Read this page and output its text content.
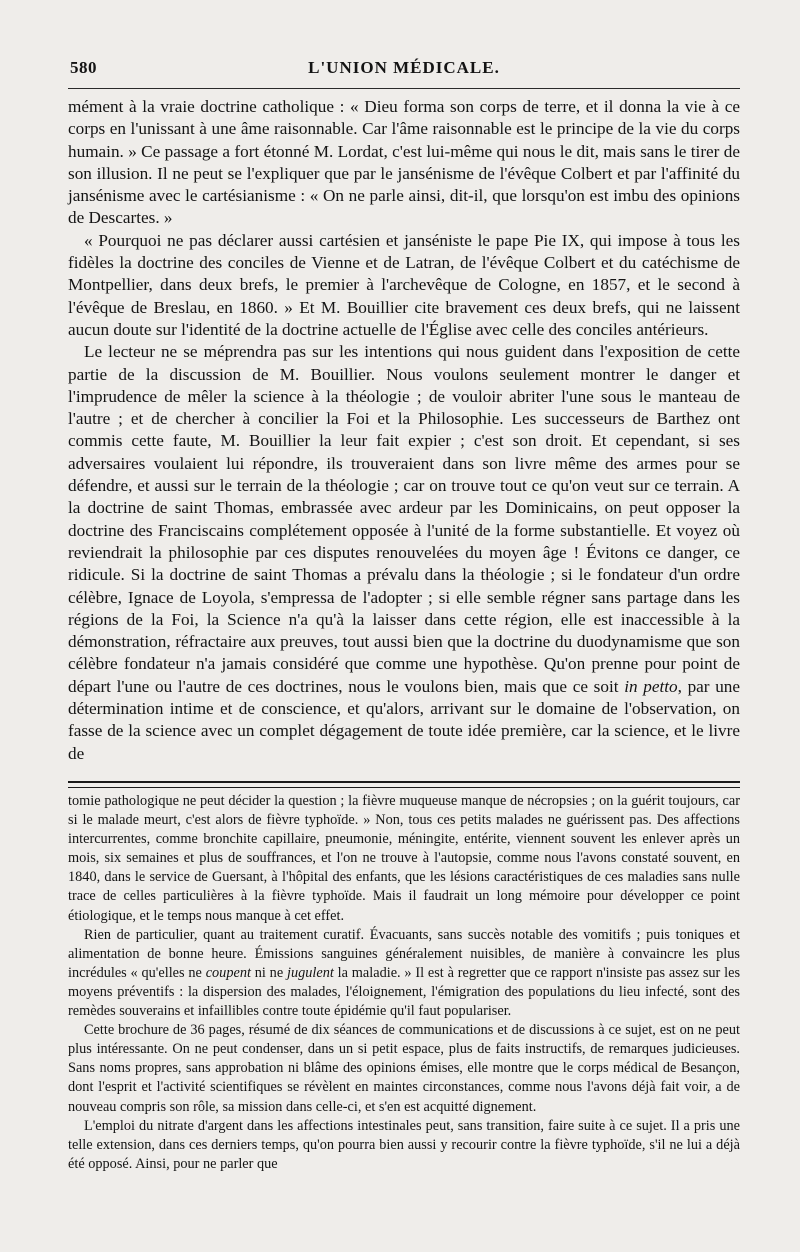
580	L'UNION MÉDICALE.

mément à la vraie doctrine catholique : « Dieu forma son corps de terre, et il donna la vie à ce corps en l'unissant à une âme raisonnable. Car l'âme raisonnable est le principe de la vie du corps humain. » Ce passage a fort étonné M. Lordat, c'est lui-même qui nous le dit, mais sans le tirer de son illusion. Il ne peut se l'expliquer que par le jansénisme de l'évêque Colbert et par l'affinité du jansénisme avec le cartésianisme : « On ne parle ainsi, dit-il, que lorsqu'on est imbu des opinions de Descartes. »

« Pourquoi ne pas déclarer aussi cartésien et janséniste le pape Pie IX, qui impose à tous les fidèles la doctrine des conciles de Vienne et de Latran, de l'évêque Colbert et du catéchisme de Montpellier, dans deux brefs, le premier à l'archevêque de Cologne, en 1857, et le second à l'évêque de Breslau, en 1860. » Et M. Bouillier cite bravement ces deux brefs, qui ne laissent aucun doute sur l'identité de la doctrine actuelle de l'Église avec celle des conciles antérieurs.

Le lecteur ne se méprendra pas sur les intentions qui nous guident dans l'exposition de cette partie de la discussion de M. Bouillier. Nous voulons seulement montrer le danger et l'imprudence de mêler la science à la théologie ; de vouloir abriter l'une sous le manteau de l'autre ; et de chercher à concilier la Foi et la Philosophie. Les successeurs de Barthez ont commis cette faute, M. Bouillier la leur fait expier ; c'est son droit. Et cependant, si ses adversaires voulaient lui répondre, ils trouveraient dans son livre même des armes pour se défendre, et aussi sur le terrain de la théologie ; car on trouve tout ce qu'on veut sur ce terrain. A la doctrine de saint Thomas, embrassée avec ardeur par les Dominicains, on peut opposer la doctrine des Franciscains complétement opposée à l'unité de la forme substantielle. Et voyez où reviendrait la philosophie par ces disputes renouvelées du moyen âge ! Évitons ce danger, ce ridicule. Si la doctrine de saint Thomas a prévalu dans la théologie ; si le fondateur d'un ordre célèbre, Ignace de Loyola, s'empressa de l'adopter ; si elle semble régner sans partage dans les régions de la Foi, la Science n'a qu'à la laisser dans cette région, elle est inaccessible à la démonstration, réfractaire aux preuves, tout aussi bien que la doctrine du duodynamisme que son célèbre fondateur n'a jamais considéré que comme une hypothèse. Qu'on prenne pour point de départ l'une ou l'autre de ces doctrines, nous le voulons bien, mais que ce soit in petto, par une détermination intime et de conscience, et qu'alors, arrivant sur le domaine de l'observation, on fasse de la science avec un complet dégagement de toute idée première, car la science, et le livre de

tomie pathologique ne peut décider la question ; la fièvre muqueuse manque de nécropsies ; on la guérit toujours, car si le malade meurt, c'est alors de fièvre typhoïde. » Non, tous ces petits malades ne guérissent pas. Des affections intercurrentes, comme bronchite capillaire, pneumonie, méningite, entérite, viennent souvent les enlever après un mois, six semaines et plus de souffrances, et l'on ne trouve à l'autopsie, comme nous l'avons constaté souvent, en 1840, dans le service de Guersant, à l'hôpital des enfants, que les lésions caractéristiques de ces maladies sans nulle trace de celles particulières à la fièvre typhoïde. Mais il faudrait un long mémoire pour développer ce point étiologique, et le temps nous manque à cet effet.

Rien de particulier, quant au traitement curatif. Évacuants, sans succès notable des vomitifs ; puis toniques et alimentation de bonne heure. Émissions sanguines généralement nuisibles, de manière à convaincre les plus incrédules « qu'elles ne coupent ni ne jugulent la maladie. » Il est à regretter que ce rapport n'insiste pas assez sur les moyens préventifs : la dispersion des malades, l'éloignement, l'émigration des populations du lieu infecté, sont des remèdes souverains et infaillibles contre toute épidémie qu'il faut populariser.

Cette brochure de 36 pages, résumé de dix séances de communications et de discussions à ce sujet, est on ne peut plus intéressante. On ne peut condenser, dans un si petit espace, plus de faits instructifs, de remarques judicieuses. Sans noms propres, sans approbation ni blâme des opinions émises, elle montre que le corps médical de Besançon, dont l'esprit et l'activité scientifiques se révèlent en maintes circonstances, comme nous l'avons déjà fait voir, a de nouveau compris son rôle, sa mission dans celle-ci, et s'en est acquitté dignement.

L'emploi du nitrate d'argent dans les affections intestinales peut, sans transition, faire suite à ce sujet. Il a pris une telle extension, dans ces derniers temps, qu'on pourra bien aussi y recourir contre la fièvre typhoïde, s'il ne lui a déjà été opposé. Ainsi, pour ne parler que
